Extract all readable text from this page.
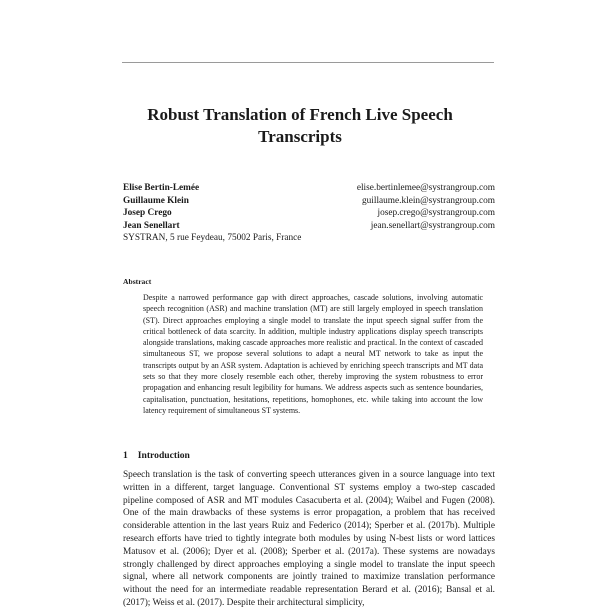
Robust Translation of French Live Speech Transcripts
Elise Bertin-Lemée	elise.bertinlemee@systrangroup.com
Guillaume Klein	guillaume.klein@systrangroup.com
Josep Crego	josep.crego@systrangroup.com
Jean Senellart	jean.senellart@systrangroup.com
SYSTRAN, 5 rue Feydeau, 75002 Paris, France
Abstract
Despite a narrowed performance gap with direct approaches, cascade solutions, involving automatic speech recognition (ASR) and machine translation (MT) are still largely employed in speech translation (ST). Direct approaches employing a single model to translate the input speech signal suffer from the critical bottleneck of data scarcity. In addition, multiple industry applications display speech transcripts alongside translations, making cascade approaches more realistic and practical. In the context of cascaded simultaneous ST, we propose several solutions to adapt a neural MT network to take as input the transcripts output by an ASR system. Adaptation is achieved by enriching speech transcripts and MT data sets so that they more closely resemble each other, thereby improving the system robustness to error propagation and enhancing result legibility for humans. We address aspects such as sentence boundaries, capitalisation, punctuation, hesitations, repetitions, homophones, etc. while taking into account the low latency requirement of simultaneous ST systems.
1 Introduction
Speech translation is the task of converting speech utterances given in a source language into text written in a different, target language. Conventional ST systems employ a two-step cascaded pipeline composed of ASR and MT modules Casacuberta et al. (2004); Waibel and Fugen (2008). One of the main drawbacks of these systems is error propagation, a problem that has received considerable attention in the last years Ruiz and Federico (2014); Sperber et al. (2017b). Multiple research efforts have tried to tightly integrate both modules by using N-best lists or word lattices Matusov et al. (2006); Dyer et al. (2008); Sperber et al. (2017a). These systems are nowadays strongly challenged by direct approaches employing a single model to translate the input speech signal, where all network components are jointly trained to maximize translation performance without the need for an intermediate readable representation Berard et al. (2016); Bansal et al. (2017); Weiss et al. (2017). Despite their architectural simplicity,
